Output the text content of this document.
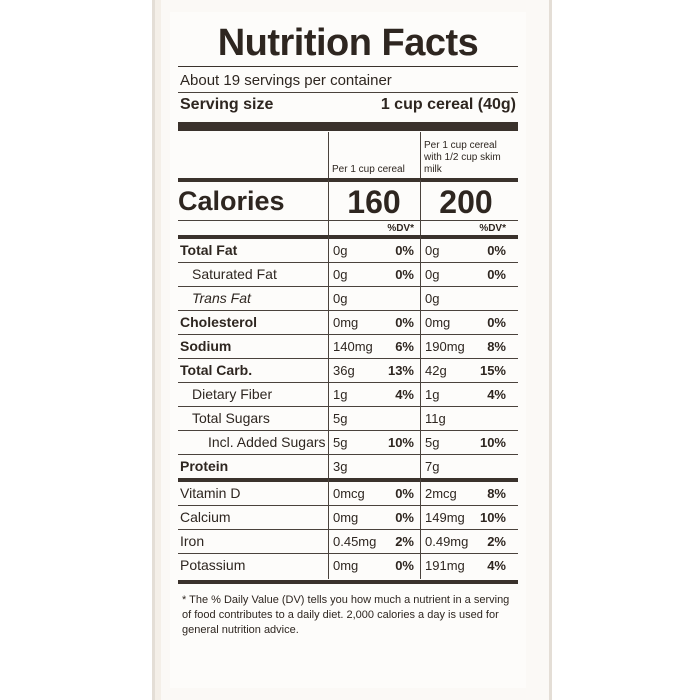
Nutrition Facts
About 19 servings per container
Serving size	1 cup cereal (40g)
Per 1 cup cereal
Per 1 cup cereal
with 1/2 cup skim milk
Calories	160	200
%DV*	%DV*
Total Fat	0g	0% 0g	0%
Saturated Fat	0g	0% 0g	0%
Trans Fat	0g	0g
Cholesterol	0mg	0% 0mg	0%
Sodium	140mg 6% 190mg 8%
Total Carb.	36g	13% 42g	15%
Dietary Fiber	1g	4% 1g	4%
Total Sugars	5g	11g
Incl. Added Sugars 5g	10% 5g	10%
Protein	3g	7g
Vitamin D	0mcg 0% 2mcg 8%
Calcium	0mg	0% 149mg 10%
Iron	0.45mg 2% 0.49mg 2%
Potassium	0mg	0% 191mg 4%
* The % Daily Value (DV) tells you how much a nutrient in a serving of food contributes to a daily diet. 2,000 calories a day is used for general nutrition advice.
